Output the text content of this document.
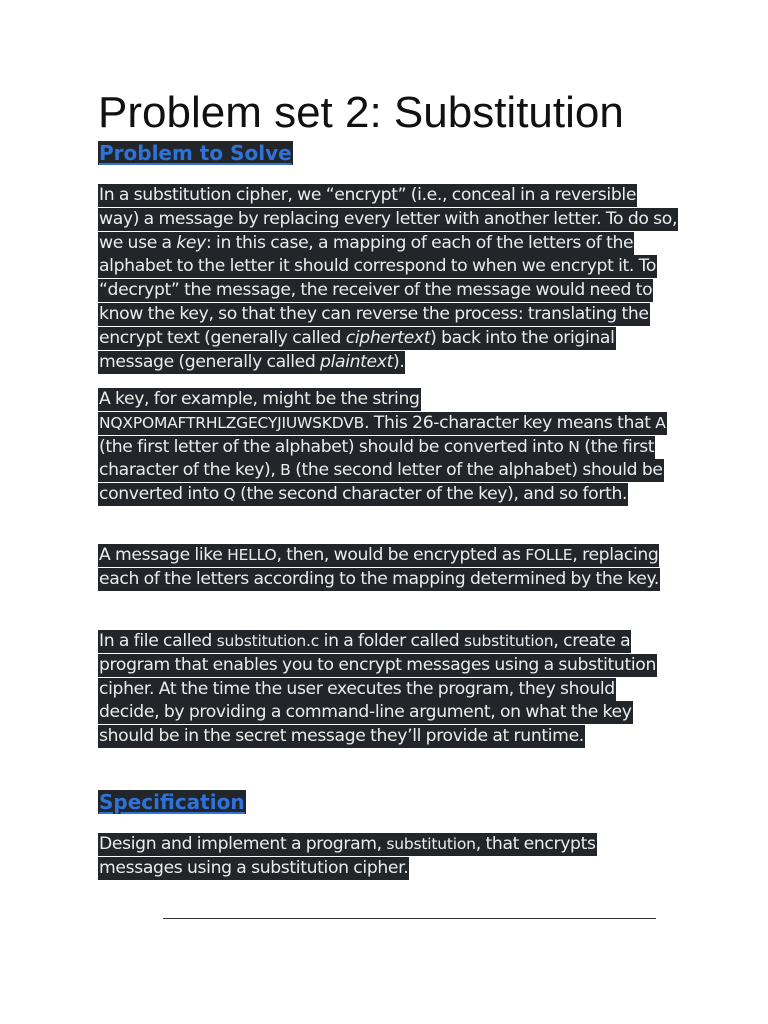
Problem set 2: Substitution
Problem to Solve

In a substitution cipher, we “encrypt” (i.e., conceal in a reversible way) a message by replacing every letter with another letter. To do so, we use a key: in this case, a mapping of each of the letters of the alphabet to the letter it should correspond to when we encrypt it. To “decrypt” the message, the receiver of the message would need to know the key, so that they can reverse the process: translating the encrypt text (generally called ciphertext) back into the original message (generally called plaintext).

A key, for example, might be the string NQXPOMAFTRHLZGECYJIUWSKDVB. This 26-character key means that A (the first letter of the alphabet) should be converted into N (the first character of the key), B (the second letter of the alphabet) should be converted into Q (the second character of the key), and so forth.

A message like HELLO, then, would be encrypted as FOLLE, replacing each of the letters according to the mapping determined by the key.

In a file called substitution.c in a folder called substitution, create a program that enables you to encrypt messages using a substitution cipher. At the time the user executes the program, they should decide, by providing a command-line argument, on what the key should be in the secret message they’ll provide at runtime.

Specification

Design and implement a program, substitution, that encrypts messages using a substitution cipher.
